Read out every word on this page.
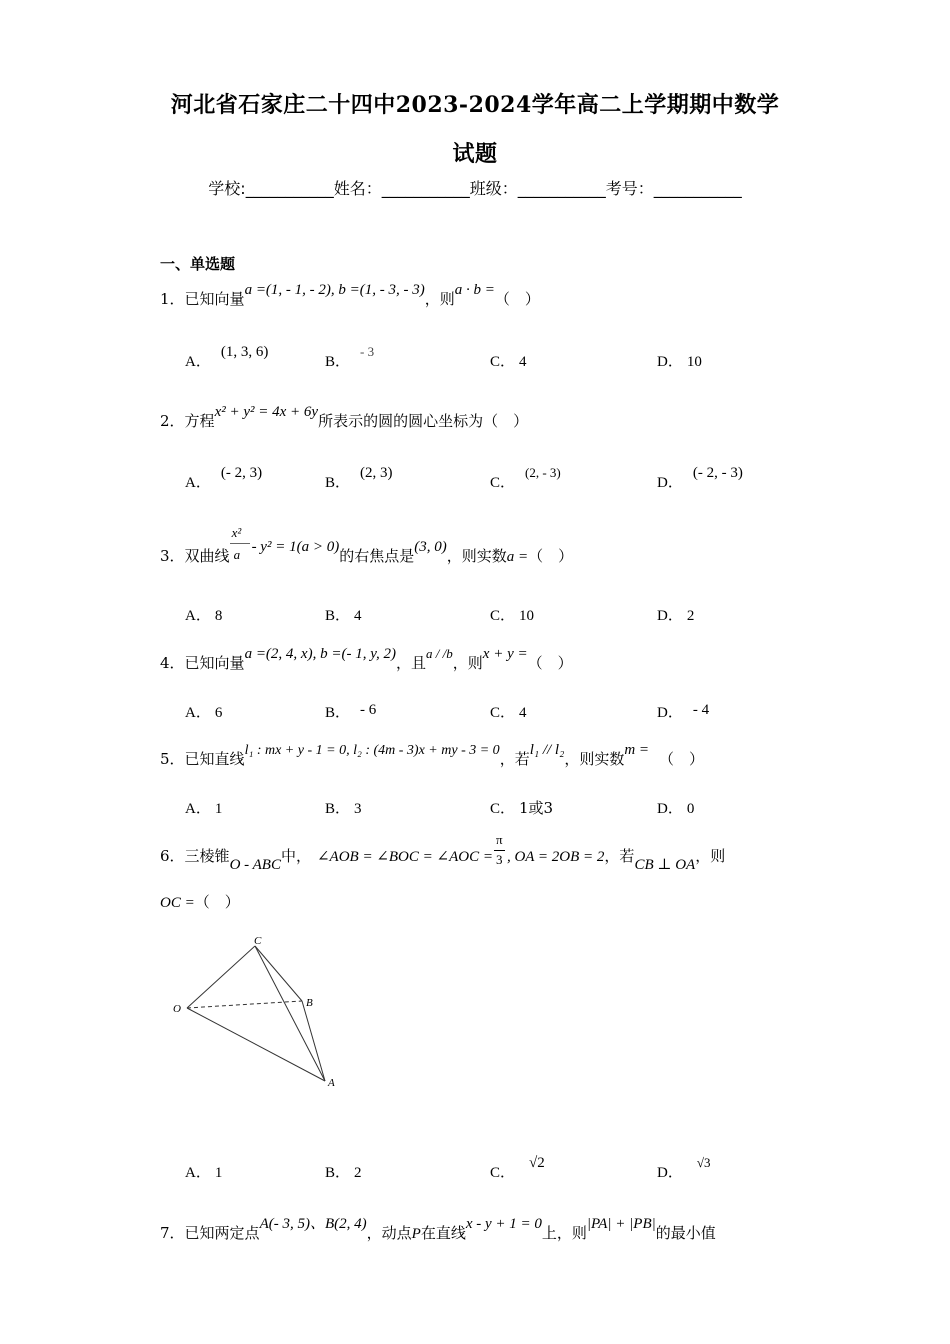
河北省石家庄二十四中2023-2024学年高二上学期期中数学
试题
学校:___________姓名：___________班级：___________考号：___________
一、单选题
1．已知向量a =(1, - 1, - 2), b =(1, - 3, - 3)，则a · b =（　）
A．(1, 3, 6)
B．- 3
C． 4	D． 10
2．方程x² + y² = 4x + 6y所表示的圆的圆心坐标为（　）
A．(- 2, 3)
B．(2, 3)
C．(2, - 3)
D．(- 2, - 3)
3．双曲线 $\frac{\text{x²}}{a}$
- y² = 1(a > 0)的右焦点是(3, 0)，则实数a =（　）
A． 8	B． 4	C． 10	D． 2
4．已知向量a =(2, 4, x), b =(- 1, y, 2)，且a / /b，则x + y =（　）
A． 6	B． - 6	C． 4	D． - 4
5．已知直线l₁ : mx + y - 1 = 0, l₂ : (4m - 3)x + my - 3 = 0，若l₁ // l₂，则实数m = （　）
A． 1	B． 3	C． 1或3	D． 0
6．三棱锥O - ABC中， ∠AOB = ∠BOC = ∠AOC = $\frac{\pi}{3}$ , OA = 2OB = 2，若CB ⊥ OA，则
OC =（　）
C
O	B
A
A． 1	B． 2	C．√2
D．√3
7．已知两定点A(- 3, 5)、B(2, 4)，动点P在直线x - y + 1 = 0上，则|PA| + |PB|的最小值
